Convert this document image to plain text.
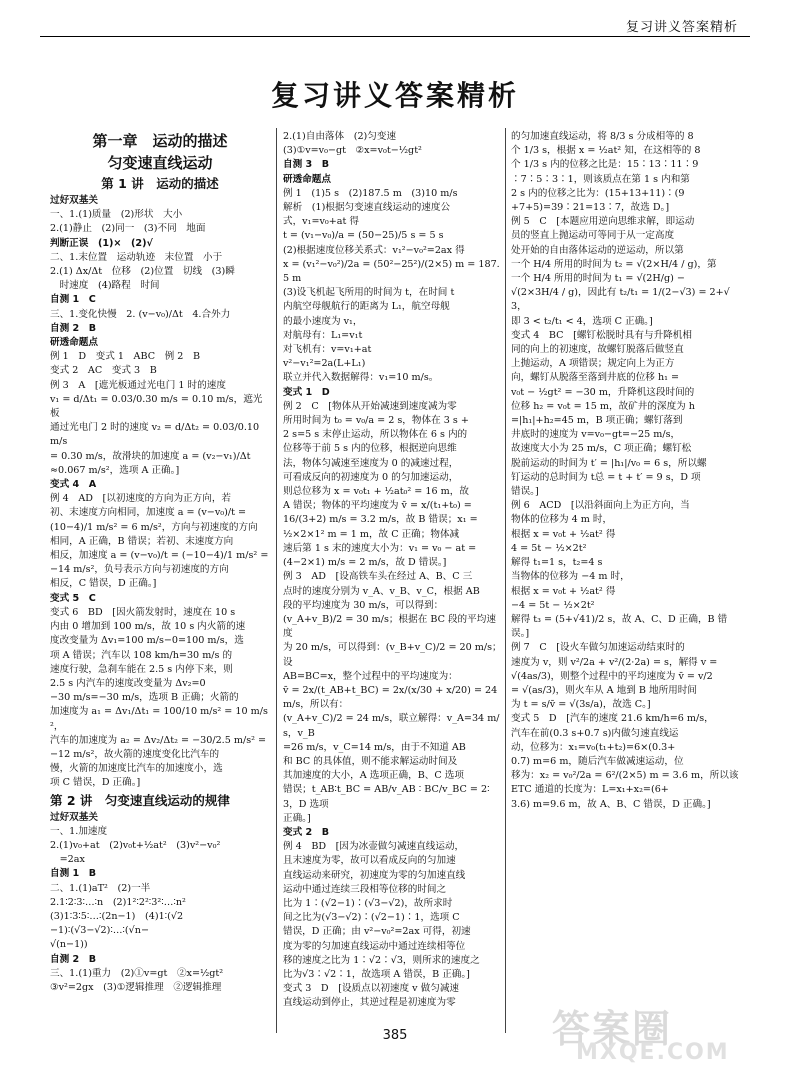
复习讲义答案精析
复习讲义答案精析

第一章　运动的描述

匀变速直线运动

第 1 讲　运动的描述

过好双基关

一、1.(1)质量　(2)形状　大小

2.(1)静止　(2)同一　(3)不同　地面

判断正误　(1)×　(2)√

二、1.末位置　运动轨迹　末位置　小于

2.(1) Δx/Δt　位移　(2)位置　切线　(3)瞬

　时速度　(4)路程　时间

自测 1　C

三、1.变化快慢　2. (v−v₀)/Δt　4.合外力

自测 2　B

研透命题点

例 1　D　变式 1　ABC　例 2　B

变式 2　AC　变式 3　B

例 3　A　[遮光板通过光电门 1 时的速度

v₁ = d/Δt₁ = 0.03/0.30 m/s = 0.10 m/s，遮光板

通过光电门 2 时的速度 v₂ = d/Δt₂ = 0.03/0.10 m/s

= 0.30 m/s，故滑块的加速度 a = (v₂−v₁)/Δt

≈0.067 m/s²，选项 A 正确。]

变式 4　A

例 4　AD　[以初速度的方向为正方向，若

初、末速度方向相同，加速度 a = (v−v₀)/t =

(10−4)/1 m/s² = 6 m/s²，方向与初速度的方向

相同，A 正确，B 错误；若初、末速度方向

相反，加速度 a = (v−v₀)/t = (−10−4)/1 m/s² =

−14 m/s²，负号表示方向与初速度的方向

相反，C 错误，D 正确。]

变式 5　C

变式 6　BD　[因火箭发射时，速度在 10 s

内由 0 增加到 100 m/s，故 10 s 内火箭的速

度改变量为 Δv₁=100 m/s−0=100 m/s，选

项 A 错误；汽车以 108 km/h=30 m/s 的

速度行驶，急刹车能在 2.5 s 内停下来，则

2.5 s 内汽车的速度改变量为 Δv₂=0

−30 m/s=−30 m/s，选项 B 正确；火箭的

加速度为 a₁ = Δv₁/Δt₁ = 100/10 m/s² = 10 m/s²，

汽车的加速度为 a₂ = Δv₂/Δt₂ = −30/2.5 m/s² =

−12 m/s²，故火箭的速度变化比汽车的

慢，火箭的加速度比汽车的加速度小，选

项 C 错误，D 正确。]

第 2 讲　匀变速直线运动的规律

过好双基关

一、1.加速度

2.(1)v₀+at　(2)v₀t+½at²　(3)v²−v₀²

　=2ax

自测 1　B

二、1.(1)aT²　(2)一半

2.1∶2∶3∶…∶n　(2)1²∶2²∶3²∶…∶n²

(3)1∶3∶5∶…∶(2n−1)　(4)1∶(√2

−1)∶(√3−√2)∶…∶(√n−

√(n−1))

自测 2　B

三、1.(1)重力　(2)①v=gt　②x=½gt²

③v²=2gx　(3)①逻辑推理　②逻辑推理

2.(1)自由落体　(2)匀变速

(3)①v=v₀−gt　②x=v₀t−½gt²

自测 3　B

研透命题点

例 1　(1)5 s　(2)187.5 m　(3)10 m/s

解析　(1)根据匀变速直线运动的速度公

式，v₁=v₀+at 得

t = (v₁−v₀)/a = (50−25)/5 s = 5 s

(2)根据速度位移关系式：v₁²−v₀²=2ax 得

x = (v₁²−v₀²)/2a = (50²−25²)/(2×5) m = 187.5 m

(3)设飞机起飞所用的时间为 t，在时间 t

内航空母舰航行的距离为 L₁，航空母舰

的最小速度为 v₁，

对航母有：L₁=v₁t

对飞机有：v=v₁+at

v²−v₁²=2a(L+L₁)

联立并代入数据解得：v₁=10 m/s。

变式 1　D

例 2　C　[物体从开始减速到速度减为零

所用时间为 t₀ = v₀/a = 2 s，物体在 3 s +

2 s=5 s 末停止运动，所以物体在 6 s 内的

位移等于前 5 s 内的位移，根据逆向思维

法，物体匀减速至速度为 0 的减速过程，

可看成反向的初速度为 0 的匀加速运动，

则总位移为 x = v₀t₁ + ½at₀² = 16 m，故

A 错误；物体的平均速度为 v̄ = x/(t₁+t₀) =

16/(3+2) m/s = 3.2 m/s，故 B 错误；x₁ =

½×2×1² m = 1 m，故 C 正确；物体减

速后第 1 s 末的速度大小为：v₁ = v₀ − at =

(4−2×1) m/s = 2 m/s，故 D 错误。]

例 3　AD　[设高铁车头在经过 A、B、C 三

点时的速度分别为 v_A、v_B、v_C，根据 AB

段的平均速度为 30 m/s，可以得到：

(v_A+v_B)/2 = 30 m/s；根据在 BC 段的平均速度

为 20 m/s，可以得到：(v_B+v_C)/2 = 20 m/s；设

AB=BC=x，整个过程中的平均速度为：

v̄ = 2x/(t_AB+t_BC) = 2x/(x/30 + x/20) = 24 m/s，所以有：

(v_A+v_C)/2 = 24 m/s，联立解得：v_A=34 m/s，v_B

=26 m/s，v_C=14 m/s，由于不知道 AB

和 BC 的具体值，则不能求解运动时间及

其加速度的大小，A 选项正确，B、C 选项

错误；t_AB∶t_BC = AB/v_AB ∶ BC/v_BC = 2∶3，D 选项

正确。]

变式 2　B

例 4　BD　[因为冰壶做匀减速直线运动，

且末速度为零，故可以看成反向的匀加速

直线运动来研究，初速度为零的匀加速直线

运动中通过连续三段相等位移的时间之

比为 1∶(√2−1)∶(√3−√2)，故所求时

间之比为(√3−√2)∶(√2−1)∶1，选项 C

错误，D 正确；由 v²−v₀²=2ax 可得，初速

度为零的匀加速直线运动中通过连续相等位

移的速度之比为 1∶√2∶√3，则所求的速度之

比为√3∶√2∶1，故选项 A 错误，B 正确。]

变式 3　D　[设质点以初速度 v 做匀减速

直线运动到停止，其逆过程是初速度为零

的匀加速直线运动，将 8/3 s 分成相等的 8

个 1/3 s，根据 x = ½at² 知，在这相等的 8

个 1/3 s 内的位移之比是：15∶13∶11∶9

∶7∶5∶3∶1，则该质点在第 1 s 内和第

2 s 内的位移之比为：(15+13+11)∶(9

+7+5)=39∶21=13∶7，故选 D。]

例 5　C　[本题应用逆向思维求解，即运动

员的竖直上抛运动可等同于从一定高度

处开始的自由落体运动的逆运动，所以第

一个 H/4 所用的时间为 t₂ = √(2×H/4 / g)，第

一个 H/4 所用的时间为 t₁ = √(2H/g) −

√(2×3H/4 / g)，因此有 t₂/t₁ = 1/(2−√3) = 2+√3，

即 3 < t₂/t₁ < 4，选项 C 正确。]

变式 4　BC　[螺钉松脱时具有与升降机相

同的向上的初速度，故螺钉脱落后做竖直

上抛运动，A 项错误；规定向上为正方

向，螺钉从脱落至落到井底的位移 h₁ =

v₀t − ½gt² = −30 m，升降机这段时间的

位移 h₂ = v₀t = 15 m，故矿井的深度为 h

=|h₁|+h₂=45 m，B 项正确；螺钉落到

井底时的速度为 v=v₀−gt=−25 m/s，

故速度大小为 25 m/s，C 项正确；螺钉松

脱前运动的时间为 t′ = |h₁|/v₀ = 6 s，所以螺

钉运动的总时间为 t总 = t + t′ = 9 s，D 项

错误。]

例 6　ACD　[以沿斜面向上为正方向，当

物体的位移为 4 m 时，

根据 x = v₀t + ½at² 得

4 = 5t − ½×2t²

解得 t₁=1 s，t₂=4 s

当物体的位移为 −4 m 时，

根据 x = v₀t + ½at² 得

−4 = 5t − ½×2t²

解得 t₃ = (5+√41)/2 s，故 A、C、D 正确，B 错

误。]

例 7　C　[设火车做匀加速运动结束时的

速度为 v，则 v²/2a + v²/(2·2a) = s，解得 v =

√(4as/3)，则整个过程中的平均速度为 v̄ = v/2

= √(as/3)，则火车从 A 地到 B 地所用时间

为 t = s/v̄ = √(3s/a)，故选 C。]

变式 5　D　[汽车的速度 21.6 km/h=6 m/s，

汽车在前(0.3 s+0.7 s)内做匀速直线运

动，位移为：x₁=v₀(t₁+t₂)=6×(0.3+

0.7) m=6 m，随后汽车做减速运动，位

移为：x₂ = v₀²/2a = 6²/(2×5) m = 3.6 m，所以该

ETC 通道的长度为：L=x₁+x₂=(6+

3.6) m=9.6 m，故 A、B、C 错误，D 正确。]

385	答案圈
MXQE.COM
